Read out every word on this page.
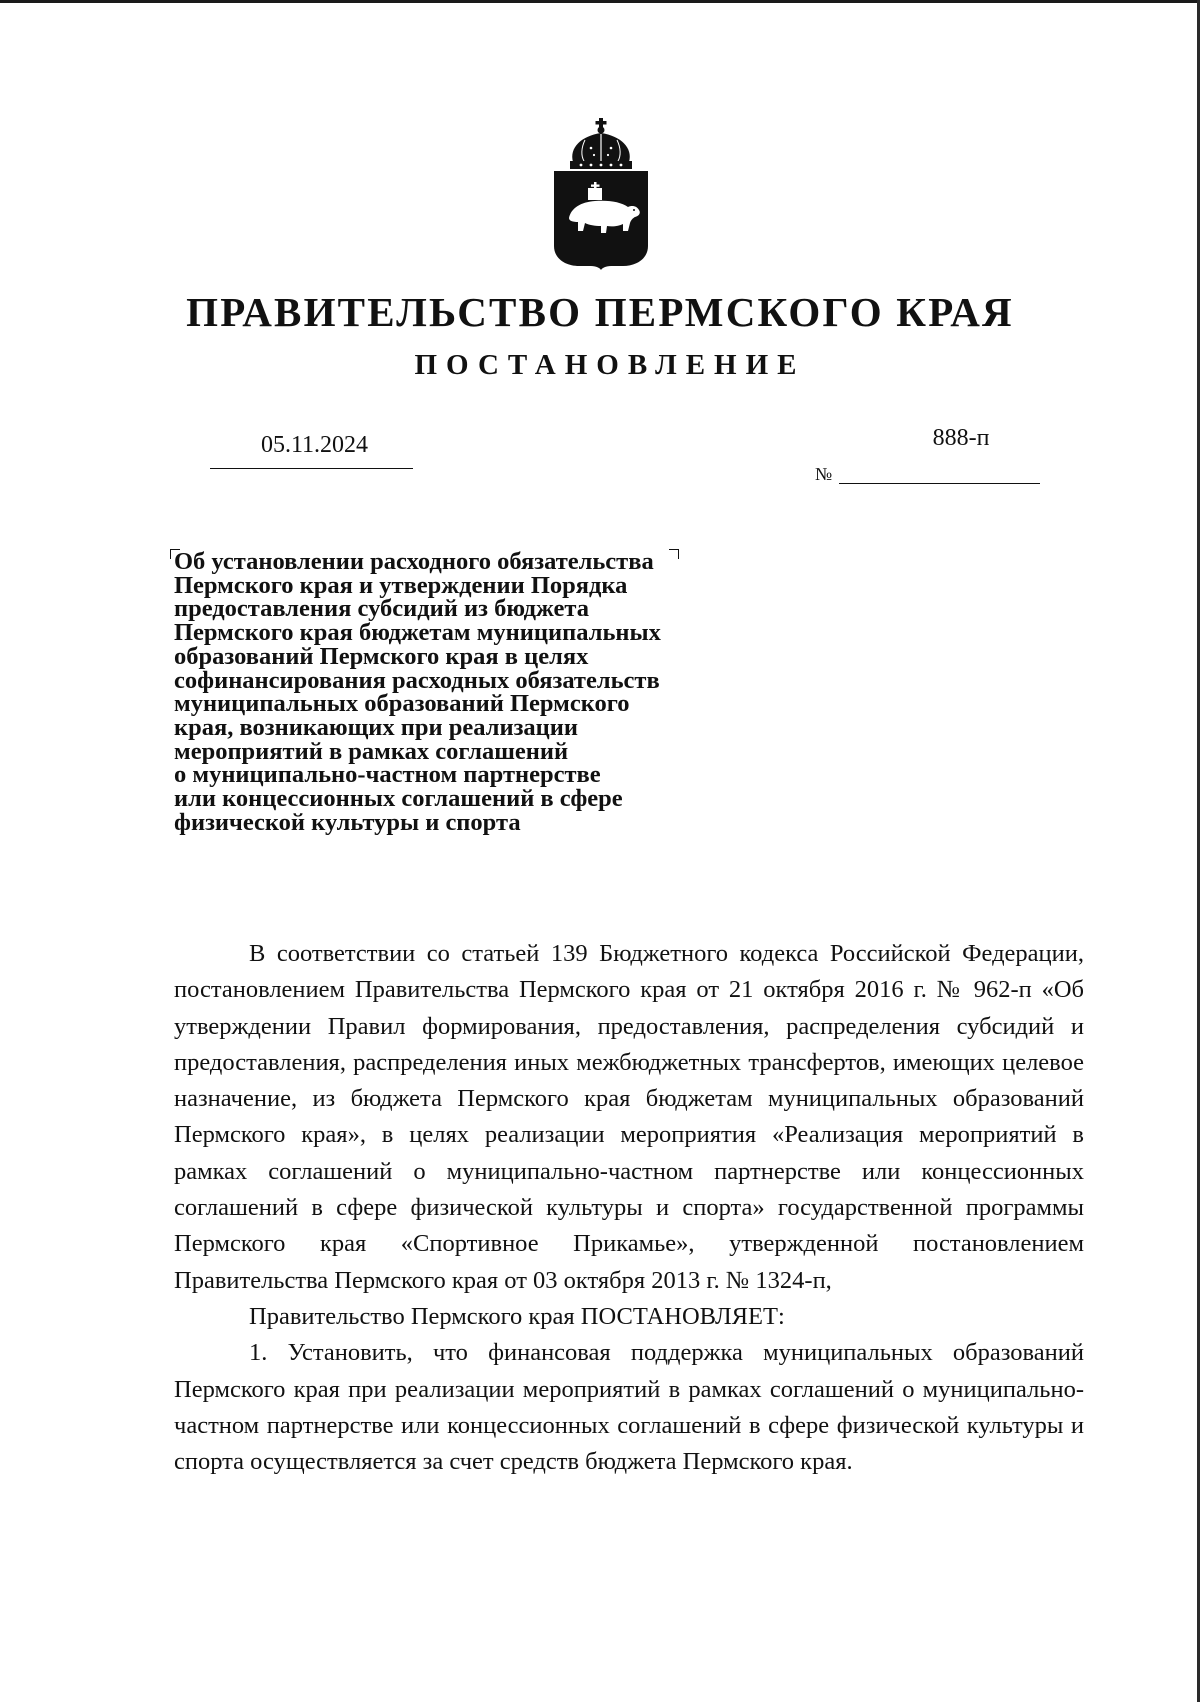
ПРАВИТЕЛЬСТВО ПЕРМСКОГО КРАЯ
ПОСТАНОВЛЕНИЕ
05.11.2024	888-п
№
Об установлении расходного обязательства
Пермского края и утверждении Порядка
предоставления субсидий из бюджета
Пермского края бюджетам муниципальных
образований Пермского края в целях
софинансирования расходных обязательств
муниципальных образований Пермского
края, возникающих при реализации
мероприятий в рамках соглашений
о муниципально-частном партнерстве
или концессионных соглашений в сфере
физической культуры и спорта

В соответствии со статьей 139 Бюджетного кодекса Российской Федерации, постановлением Правительства Пермского края от 21 октября 2016 г. № 962-п «Об утверждении Правил формирования, предоставления, распределения субсидий и предоставления, распределения иных межбюджетных трансфертов, имеющих целевое назначение, из бюджета Пермского края бюджетам муниципальных образований Пермского края», в целях реализации мероприятия «Реализация мероприятий в рамках соглашений о муниципально-частном партнерстве или концессионных соглашений в сфере физической культуры и спорта» государственной программы Пермского края «Спортивное Прикамье», утвержденной постановлением Правительства Пермского края от 03 октября 2013 г. № 1324-п,

Правительство Пермского края ПОСТАНОВЛЯЕТ:

1. Установить, что финансовая поддержка муниципальных образований Пермского края при реализации мероприятий в рамках соглашений о муниципально-частном партнерстве или концессионных соглашений в сфере физической культуры и спорта осуществляется за счет средств бюджета Пермского края.
